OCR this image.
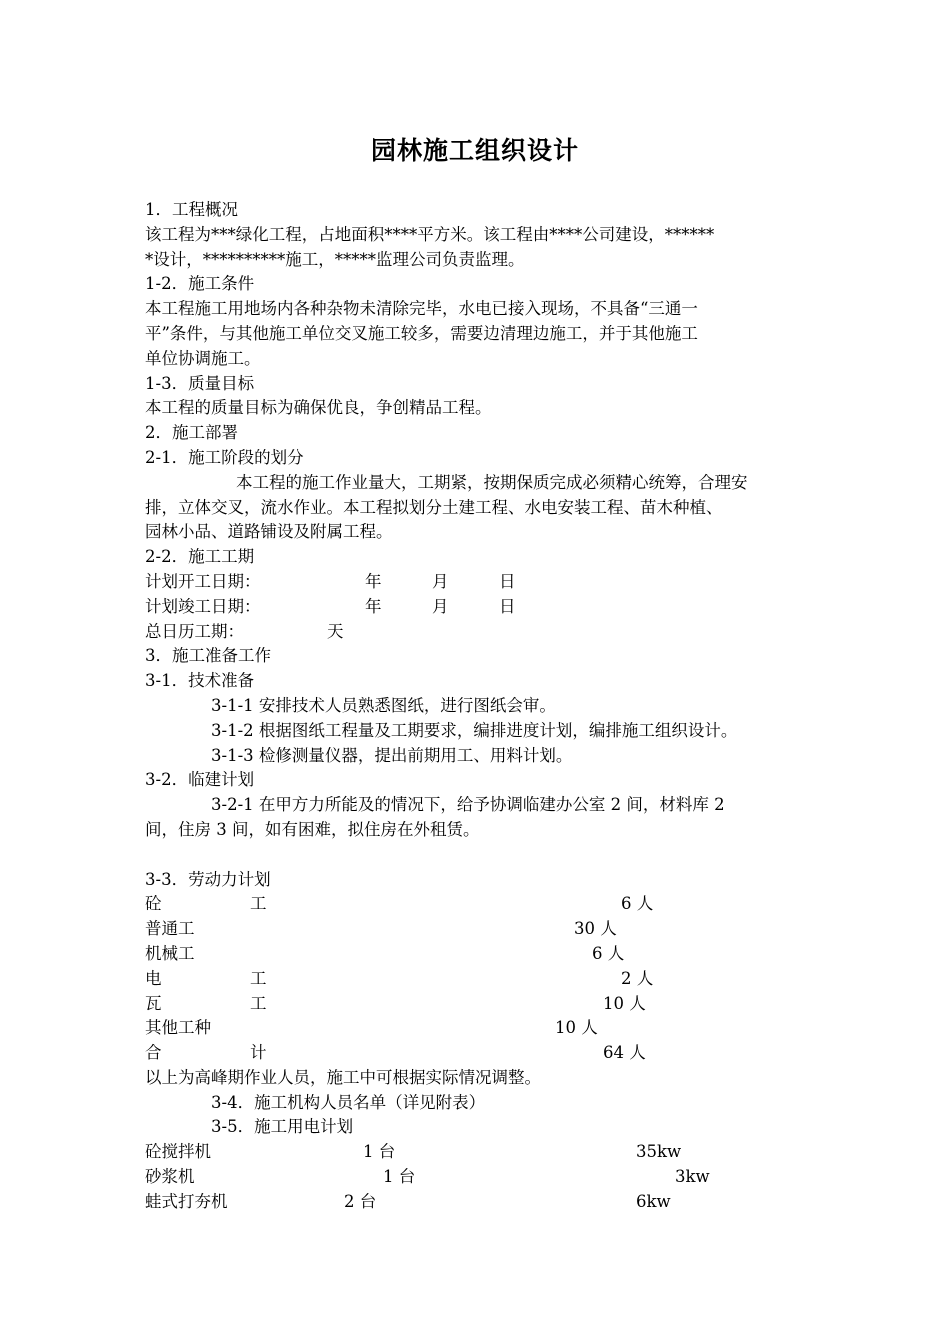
园林施工组织设计
1．工程概况
该工程为***绿化工程，占地面积****平方米。该工程由****公司建设，******
*设计，**********施工，*****监理公司负责监理。
1-2．施工条件
本工程施工用地场内各种杂物未清除完毕，水电已接入现场，不具备“三通一
平”条件，与其他施工单位交叉施工较多，需要边清理边施工，并于其他施工
单位协调施工。
1-3．质量目标
本工程的质量目标为确保优良，争创精品工程。
2．施工部署
2-1．施工阶段的划分
本工程的施工作业量大，工期紧，按期保质完成必须精心统筹，合理安
排，立体交叉，流水作业。本工程拟划分土建工程、水电安装工程、苗木种植、
园林小品、道路铺设及附属工程。
2-2．施工工期
计划开工日期：	年	月	日
计划竣工日期：	年	月	日
总日历工期：	天
3．施工准备工作
3-1．技术准备
3-1-1 安排技术人员熟悉图纸，进行图纸会审。
3-1-2 根据图纸工程量及工期要求，编排进度计划，编排施工组织设计。
3-1-3 检修测量仪器，提出前期用工、用料计划。
3-2．临建计划
3-2-1 在甲方力所能及的情况下，给予协调临建办公室 2 间，材料库 2
间，住房 3 间，如有困难，拟住房在外租赁。
3-3．劳动力计划
砼	工	6 人
普通工	30 人
机械工	6 人
电	工	2 人
瓦	工	10 人
其他工种	10 人
合	计	64 人
以上为高峰期作业人员，施工中可根据实际情况调整。
3-4．施工机构人员名单（详见附表）
3-5．施工用电计划
砼搅拌机	1 台	35kw
砂浆机	1 台	3kw
蛙式打夯机	2 台	6kw
